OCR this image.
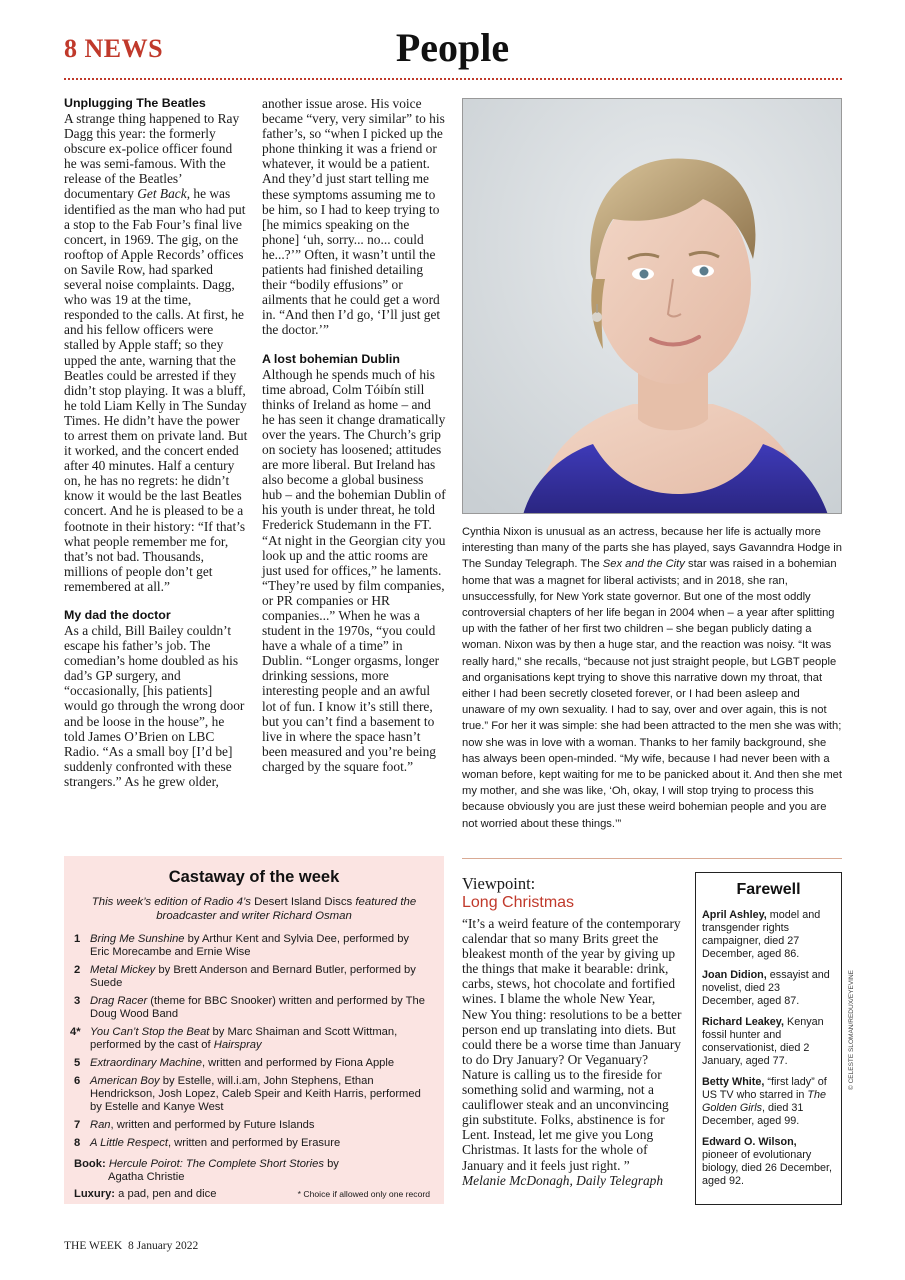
8 NEWS	People
Unplugging The Beatles

A strange thing happened to Ray Dagg this year: the formerly obscure ex-police officer found he was semi-famous. With the release of the Beatles’ documentary Get Back, he was identified as the man who had put a stop to the Fab Four’s final live concert, in 1969. The gig, on the rooftop of Apple Records’ offices on Savile Row, had sparked several noise complaints. Dagg, who was 19 at the time, responded to the calls. At first, he and his fellow officers were stalled by Apple staff; so they upped the ante, warning that the Beatles could be arrested if they didn’t stop playing. It was a bluff, he told Liam Kelly in The Sunday Times. He didn’t have the power to arrest them on private land. But it worked, and the concert ended after 40 minutes. Half a century on, he has no regrets: he didn’t know it would be the last Beatles concert. And he is pleased to be a footnote in their history: “If that’s what people remember me for, that’s not bad. Thousands, millions of people don’t get remembered at all.”

My dad the doctor

As a child, Bill Bailey couldn’t escape his father’s job. The comedian’s home doubled as his dad’s GP surgery, and “occasionally, [his patients] would go through the wrong door and be loose in the house”, he told James O’Brien on LBC Radio. “As a small boy [I’d be] suddenly confronted with these strangers.” As he grew older,

another issue arose. His voice became “very, very similar” to his father’s, so “when I picked up the phone thinking it was a friend or whatever, it would be a patient. And they’d just start telling me these symptoms assuming me to be him, so I had to keep trying to [he mimics speaking on the phone] ‘uh, sorry... no... could he...?’” Often, it wasn’t until the patients had finished detailing their “bodily effusions” or ailments that he could get a word in. “And then I’d go, ‘I’ll just get the doctor.’”

A lost bohemian Dublin

Although he spends much of his time abroad, Colm Tóibín still thinks of Ireland as home – and he has seen it change dramatically over the years. The Church’s grip on society has loosened; attitudes are more liberal. But Ireland has also become a global business hub – and the bohemian Dublin of his youth is under threat, he told Frederick Studemann in the FT. “At night in the Georgian city you look up and the attic rooms are just used for offices,” he laments. “They’re used by film companies, or PR companies or HR companies...” When he was a student in the 1970s, “you could have a whale of a time” in Dublin. “Longer orgasms, longer drinking sessions, more interesting people and an awful lot of fun. I know it’s still there, but you can’t find a basement to live in where the space hasn’t been measured and you’re being charged by the square foot.”

© CELESTE SLOMAN/REDUX/EYEVINE

Cynthia Nixon is unusual as an actress, because her life is actually more interesting than many of the parts she has played, says Gavanndra Hodge in The Sunday Telegraph. The Sex and the City star was raised in a bohemian home that was a magnet for liberal activists; and in 2018, she ran, unsuccessfully, for New York state governor. But one of the most oddly controversial chapters of her life began in 2004 when – a year after splitting up with the father of her first two children – she began publicly dating a woman. Nixon was by then a huge star, and the reaction was noisy. “It was really hard,” she recalls, “because not just straight people, but LGBT people and organisations kept trying to shove this narrative down my throat, that either I had been secretly closeted forever, or I had been asleep and unaware of my own sexuality. I had to say, over and over again, this is not true.” For her it was simple: she had been attracted to the men she was with; now she was in love with a woman. Thanks to her family background, she has always been open-minded. “My wife, because I had never been with a woman before, kept waiting for me to be panicked about it. And then she met my mother, and she was like, ‘Oh, okay, I will stop trying to process this because obviously you are just these weird bohemian people and you are not worried about these things.’”

Castaway of the week
This week’s edition of Radio 4’s Desert Island Discs featured the broadcaster and writer Richard Osman
1 Bring Me Sunshine by Arthur Kent and Sylvia Dee, performed by Eric Morecambe and Ernie Wise
2 Metal Mickey by Brett Anderson and Bernard Butler, performed by Suede
3 Drag Racer (theme for BBC Snooker) written and performed by The Doug Wood Band
4* You Can’t Stop the Beat by Marc Shaiman and Scott Wittman, performed by the cast of Hairspray
5 Extraordinary Machine, written and performed by Fiona Apple
6 American Boy by Estelle, will.i.am, John Stephens, Ethan Hendrickson, Josh Lopez, Caleb Speir and Keith Harris, performed by Estelle and Kanye West
7 Ran, written and performed by Future Islands
8 A Little Respect, written and performed by Erasure
Book: Hercule Poirot: The Complete Short Stories by
Agatha Christie
Luxury: a pad, pen and dice	* Choice if allowed only one record
Viewpoint:
Long Christmas

“It’s a weird feature of the contemporary calendar that so many Brits greet the bleakest month of the year by giving up the things that make it bearable: drink, carbs, stews, hot chocolate and fortified wines. I blame the whole New Year, New You thing: resolutions to be a better person end up translating into diets. But could there be a worse time than January to do Dry January? Or Veganuary? Nature is calling us to the fireside for something solid and warming, not a cauliflower steak and an unconvincing gin substitute. Folks, abstinence is for Lent. Instead, let me give you Long Christmas. It lasts for the whole of January and it feels just right. ”

Melanie McDonagh, Daily Telegraph
Farewell
April Ashley, model and transgender rights campaigner, died 27 December, aged 86.
Joan Didion, essayist and novelist, died 23 December, aged 87.
Richard Leakey, Kenyan fossil hunter and conservationist, died 2 January, aged 77.
Betty White, “first lady” of US TV who starred in The Golden Girls, died 31 December, aged 99.
Edward O. Wilson, pioneer of evolutionary biology, died 26 December, aged 92.
THE WEEK 8 January 2022
